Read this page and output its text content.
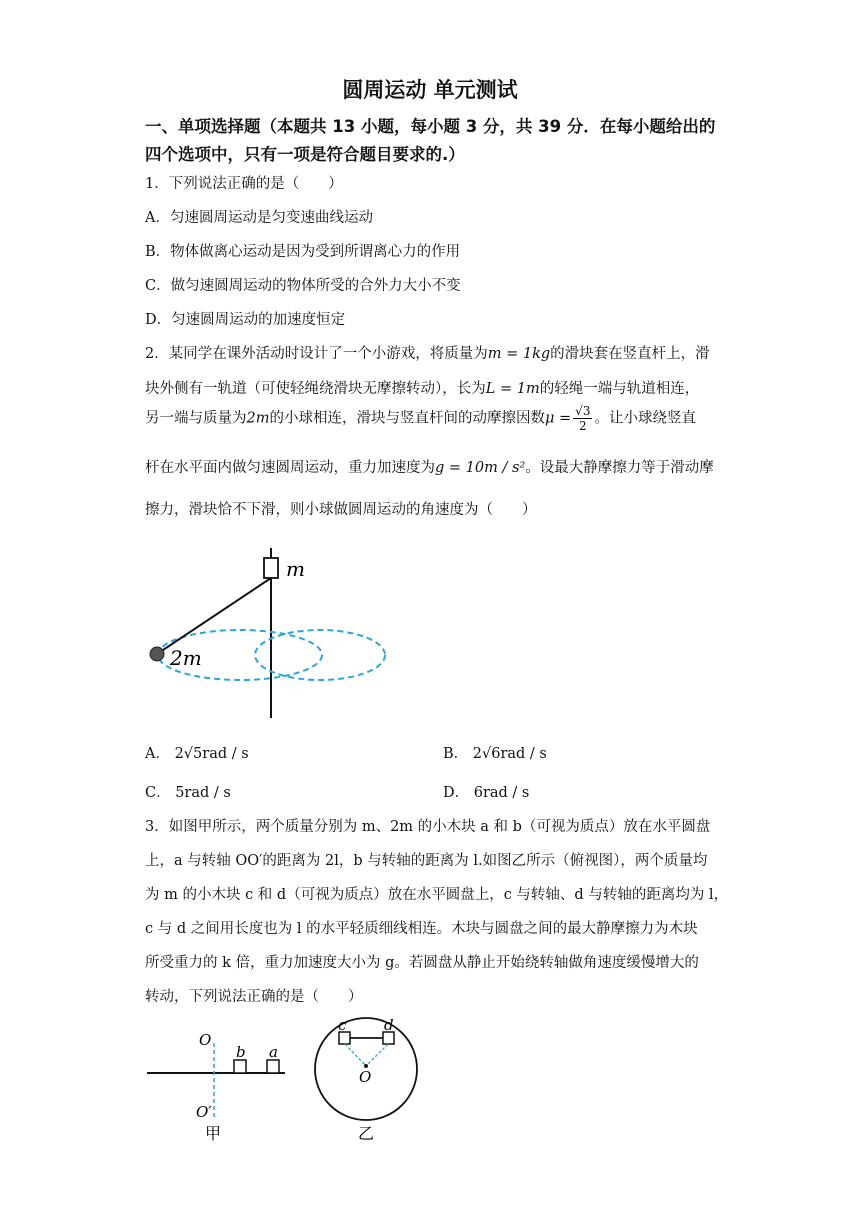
圆周运动 单元测试
一、单项选择题（本题共 13 小题，每小题 3 分，共 39 分．在每小题给出的
四个选项中，只有一项是符合题目要求的.）
1．下列说法正确的是（　　）
A．匀速圆周运动是匀变速曲线运动
B．物体做离心运动是因为受到所谓离心力的作用
C．做匀速圆周运动的物体所受的合外力大小不变
D．匀速圆周运动的加速度恒定
2．某同学在课外活动时设计了一个小游戏，将质量为m = 1kg的滑块套在竖直杆上，滑
块外侧有一轨道（可使轻绳绕滑块无摩擦转动），长为L = 1m的轻绳一端与轨道相连，
另一端与质量为2m的小球相连，滑块与竖直杆间的动摩擦因数$\mu = \frac{√3}{2}$ 。让小球绕竖直
杆在水平面内做匀速圆周运动，重力加速度为g = 10m / s²。设最大静摩擦力等于滑动摩
擦力，滑块恰不下滑，则小球做圆周运动的角速度为（　　）
m
2m
A． 2√5rad / s	B． 2√6rad / s
C． 5rad / s	D． 6rad / s
3．如图甲所示，两个质量分别为 m、2m 的小木块 a 和 b（可视为质点）放在水平圆盘
上，a 与转轴 OO′的距离为 2l，b 与转轴的距离为 l.如图乙所示（俯视图），两个质量均
为 m 的小木块 c 和 d（可视为质点）放在水平圆盘上，c 与转轴、d 与转轴的距离均为 l，
c 与 d 之间用长度也为 l 的水平轻质细线相连。木块与圆盘之间的最大静摩擦力为木块
所受重力的 k 倍，重力加速度大小为 g。若圆盘从静止开始绕转轴做角速度缓慢增大的
转动，下列说法正确的是（　　）
O
b a
O′
甲
c	d
O
乙
